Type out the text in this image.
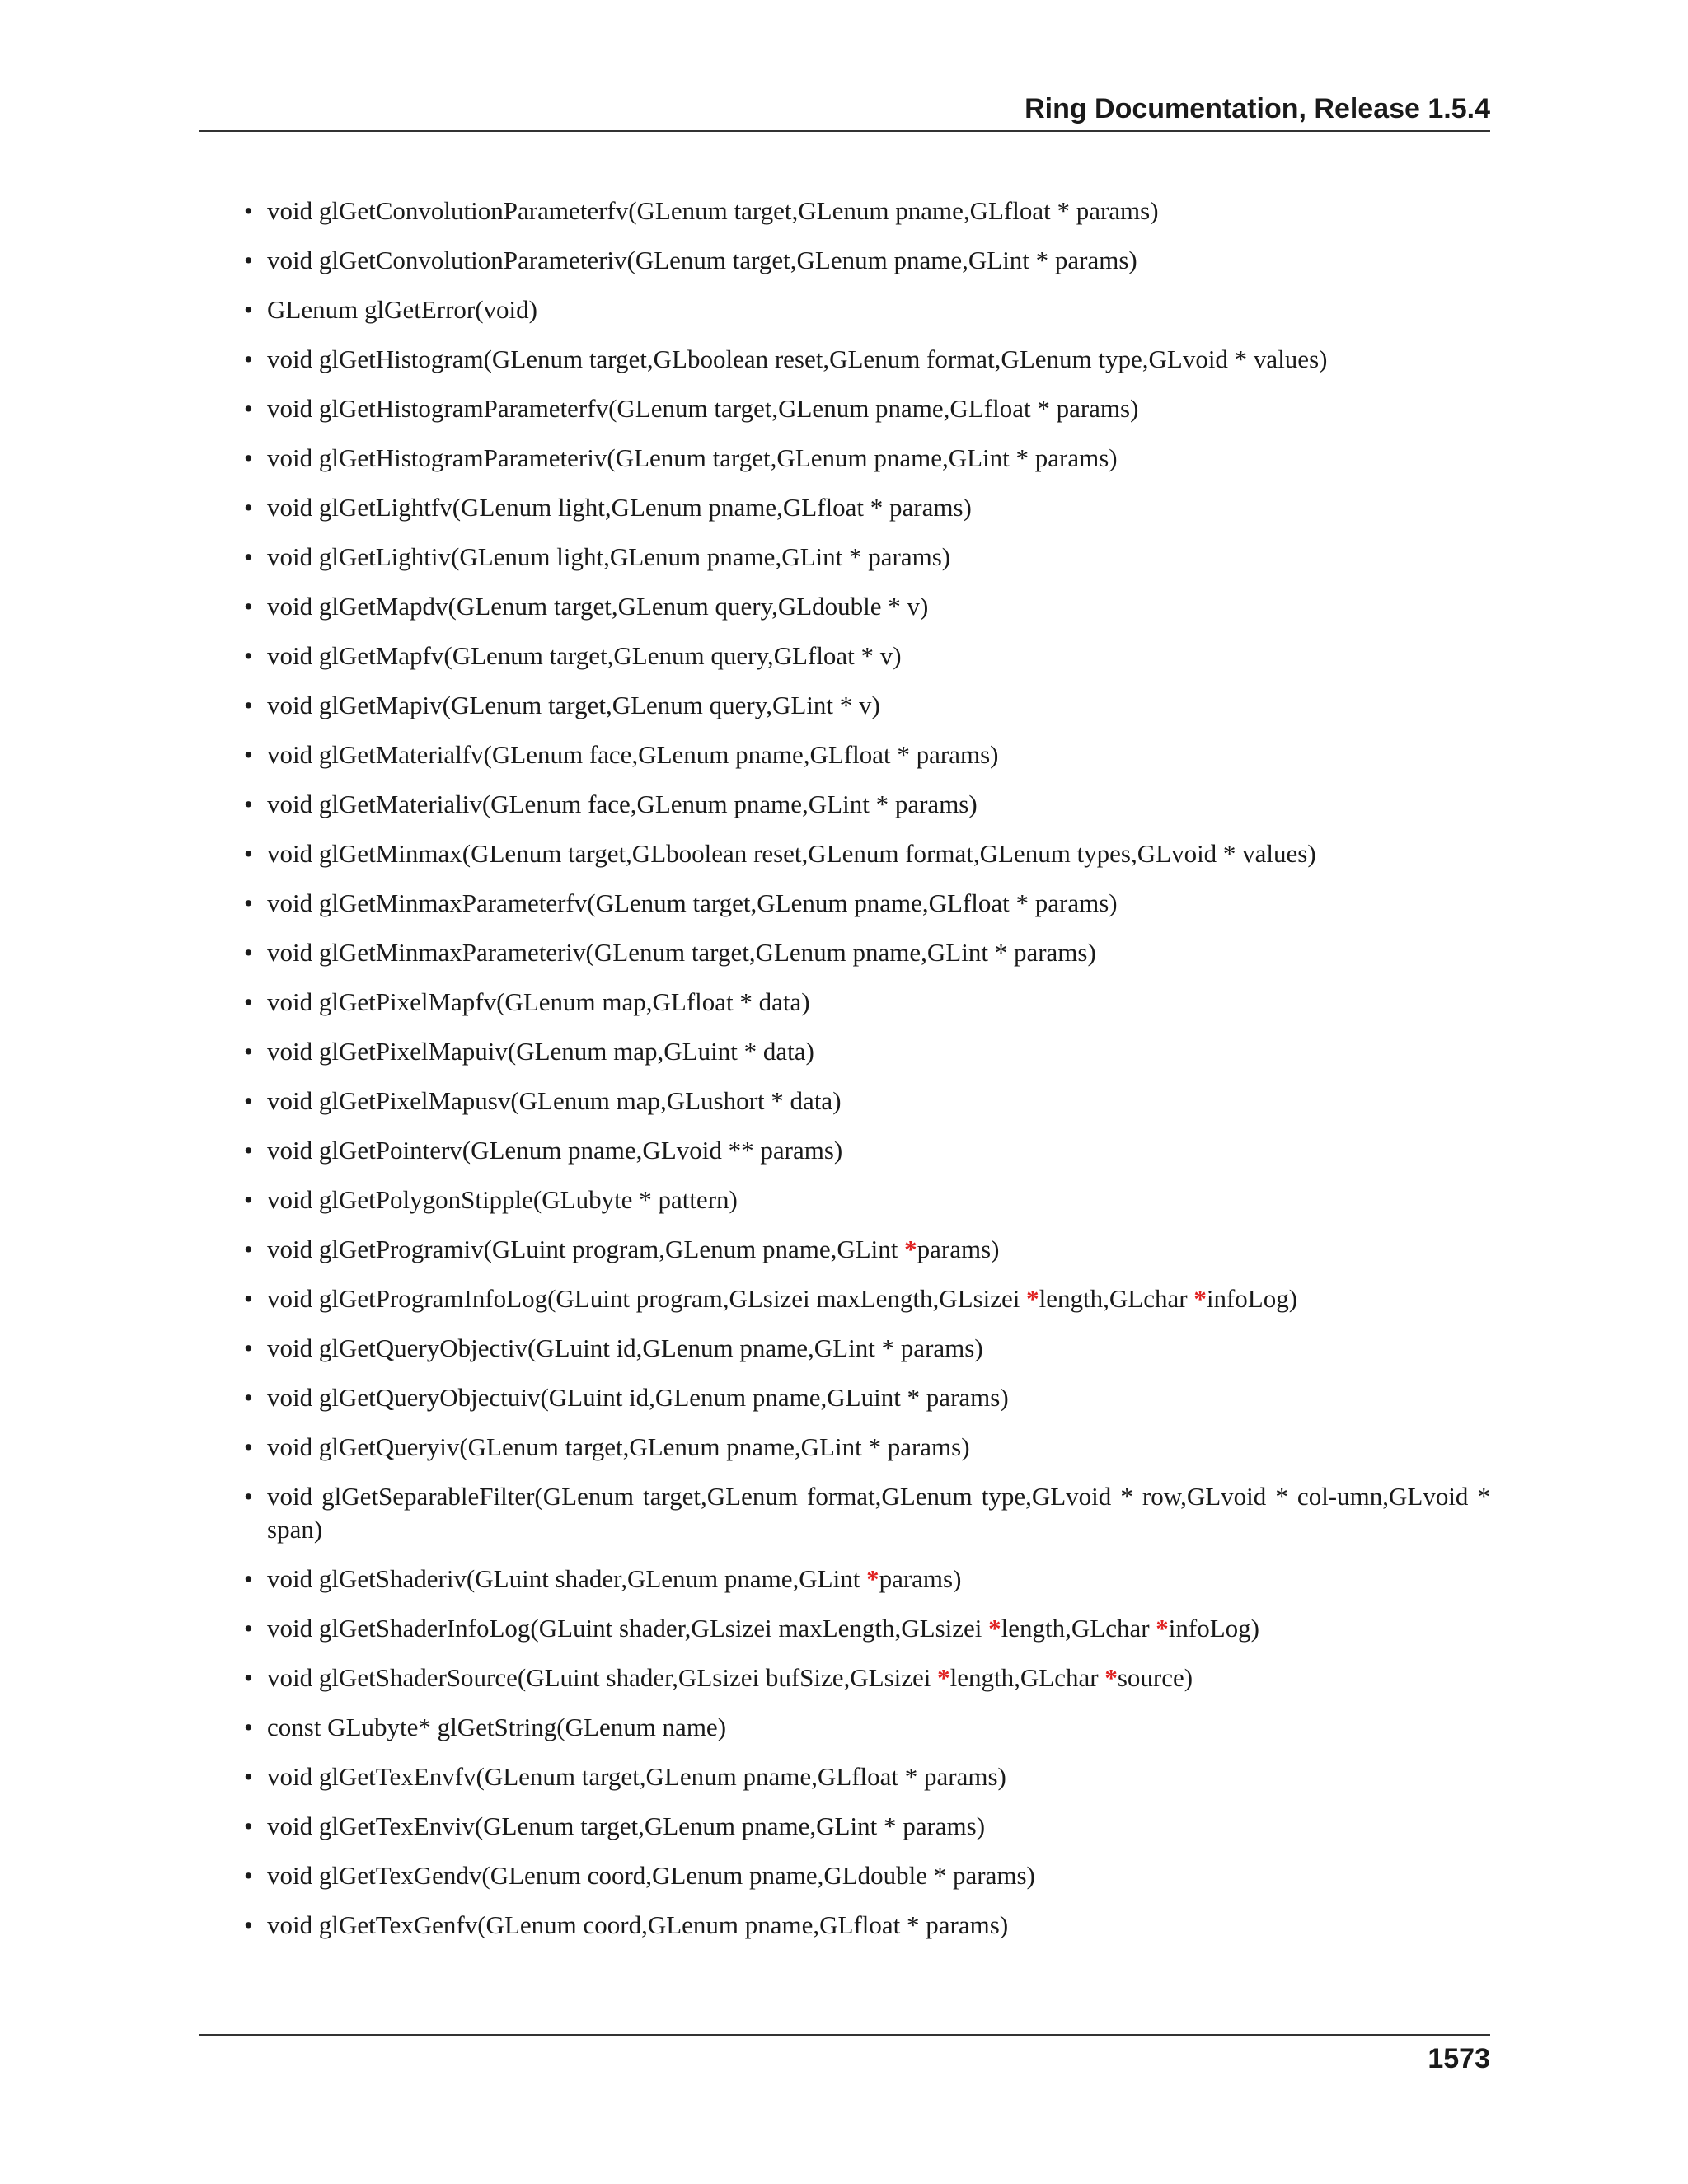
Ring Documentation, Release 1.5.4
• void glGetConvolutionParameterfv(GLenum target,GLenum pname,GLfloat * params)
• void glGetConvolutionParameteriv(GLenum target,GLenum pname,GLint * params)
• GLenum glGetError(void)
• void glGetHistogram(GLenum target,GLboolean reset,GLenum format,GLenum type,GLvoid * values)
• void glGetHistogramParameterfv(GLenum target,GLenum pname,GLfloat * params)
• void glGetHistogramParameteriv(GLenum target,GLenum pname,GLint * params)
• void glGetLightfv(GLenum light,GLenum pname,GLfloat * params)
• void glGetLightiv(GLenum light,GLenum pname,GLint * params)
• void glGetMapdv(GLenum target,GLenum query,GLdouble * v)
• void glGetMapfv(GLenum target,GLenum query,GLfloat * v)
• void glGetMapiv(GLenum target,GLenum query,GLint * v)
• void glGetMaterialfv(GLenum face,GLenum pname,GLfloat * params)
• void glGetMaterialiv(GLenum face,GLenum pname,GLint * params)
• void glGetMinmax(GLenum target,GLboolean reset,GLenum format,GLenum types,GLvoid * values)
• void glGetMinmaxParameterfv(GLenum target,GLenum pname,GLfloat * params)
• void glGetMinmaxParameteriv(GLenum target,GLenum pname,GLint * params)
• void glGetPixelMapfv(GLenum map,GLfloat * data)
• void glGetPixelMapuiv(GLenum map,GLuint * data)
• void glGetPixelMapusv(GLenum map,GLushort * data)
• void glGetPointerv(GLenum pname,GLvoid ** params)
• void glGetPolygonStipple(GLubyte * pattern)
• void glGetProgramiv(GLuint program,GLenum pname,GLint *params)
• void glGetProgramInfoLog(GLuint program,GLsizei maxLength,GLsizei *length,GLchar *infoLog)
• void glGetQueryObjectiv(GLuint id,GLenum pname,GLint * params)
• void glGetQueryObjectuiv(GLuint id,GLenum pname,GLuint * params)
• void glGetQueryiv(GLenum target,GLenum pname,GLint * params)
• void glGetSeparableFilter(GLenum target,GLenum format,GLenum type,GLvoid * row,GLvoid * col-umn,GLvoid * span)
• void glGetShaderiv(GLuint shader,GLenum pname,GLint *params)
• void glGetShaderInfoLog(GLuint shader,GLsizei maxLength,GLsizei *length,GLchar *infoLog)
• void glGetShaderSource(GLuint shader,GLsizei bufSize,GLsizei *length,GLchar *source)
• const GLubyte* glGetString(GLenum name)
• void glGetTexEnvfv(GLenum target,GLenum pname,GLfloat * params)
• void glGetTexEnviv(GLenum target,GLenum pname,GLint * params)
• void glGetTexGendv(GLenum coord,GLenum pname,GLdouble * params)
• void glGetTexGenfv(GLenum coord,GLenum pname,GLfloat * params)
1573
